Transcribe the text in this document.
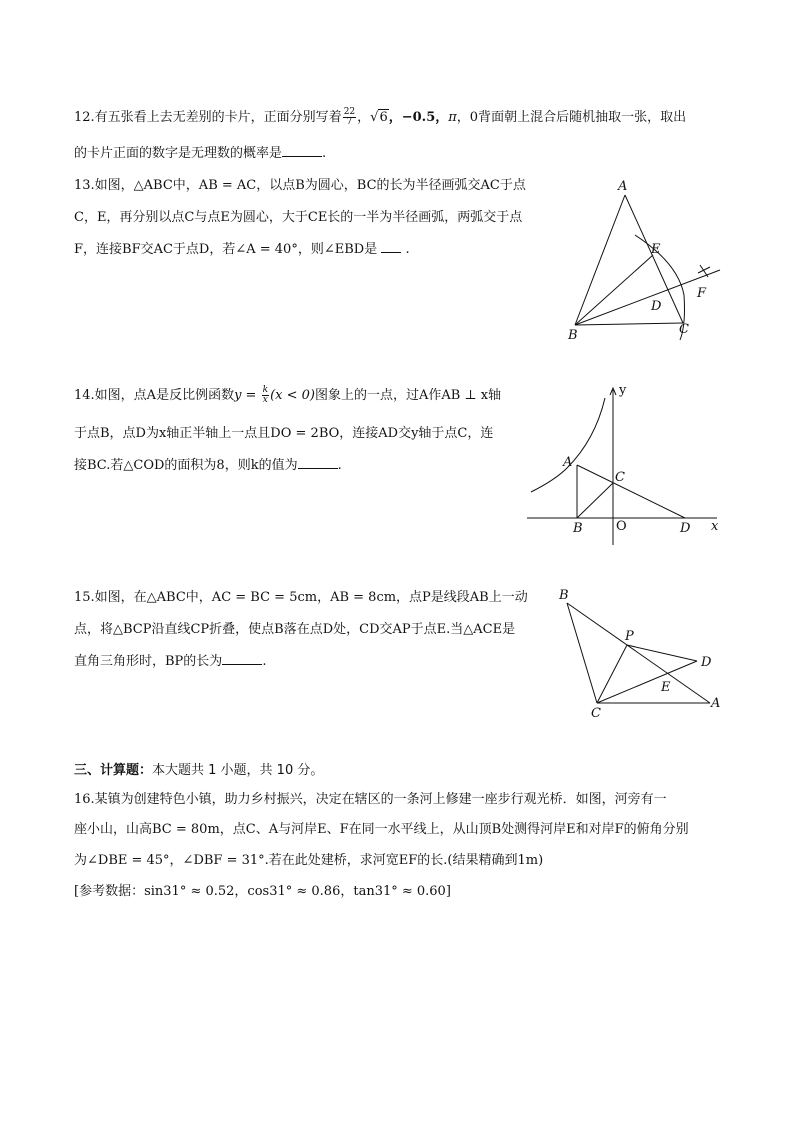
12.有五张看上去无差别的卡片，正面分别写着 $\frac{22}{7}$ ，√6，−0.5，π，0背面朝上混合后随机抽取一张，取出
的卡片正面的数字是无理数的概率是	.
13.如图，△ABC中，AB = AC，以点B为圆心，BC的长为半径画弧交AC于点
C，E，再分别以点C与点E为圆心，大于CE长的一半为半径画弧，两弧交于点
F，连接BF交AC于点D，若∠A = 40°，则∠EBD是 .
A
E
F
D
B	C
14.如图，点A是反比例函数$y = \frac{k}{x} (x < 0)$图象上的一点，过A作AB ⊥ x轴
于点B，点D为x轴正半轴上一点且DO = 2BO，连接AD交y轴于点C，连
接BC.若△COD的面积为8，则k的值为	.
y
x
A
C
B	O	D
15.如图，在△ABC中，AC = BC = 5cm，AB = 8cm，点P是线段AB上一动
点，将△BCP沿直线CP折叠，使点B落在点D处，CD交AP于点E.当△ACE是
直角三角形时，BP的长为	.
B
P
D
E
C
A
三、计算题：本大题共 1 小题，共 10 分。
16.某镇为创建特色小镇，助力乡村振兴，决定在辖区的一条河上修建一座步行观光桥．如图，河旁有一
座小山，山高BC = 80m，点C、A与河岸E、F在同一水平线上，从山顶B处测得河岸E和对岸F的俯角分别
为∠DBE = 45°，∠DBF = 31°.若在此处建桥，求河宽EF的长.(结果精确到1m)
[参考数据：sin31° ≈ 0.52，cos31° ≈ 0.86，tan31° ≈ 0.60]
